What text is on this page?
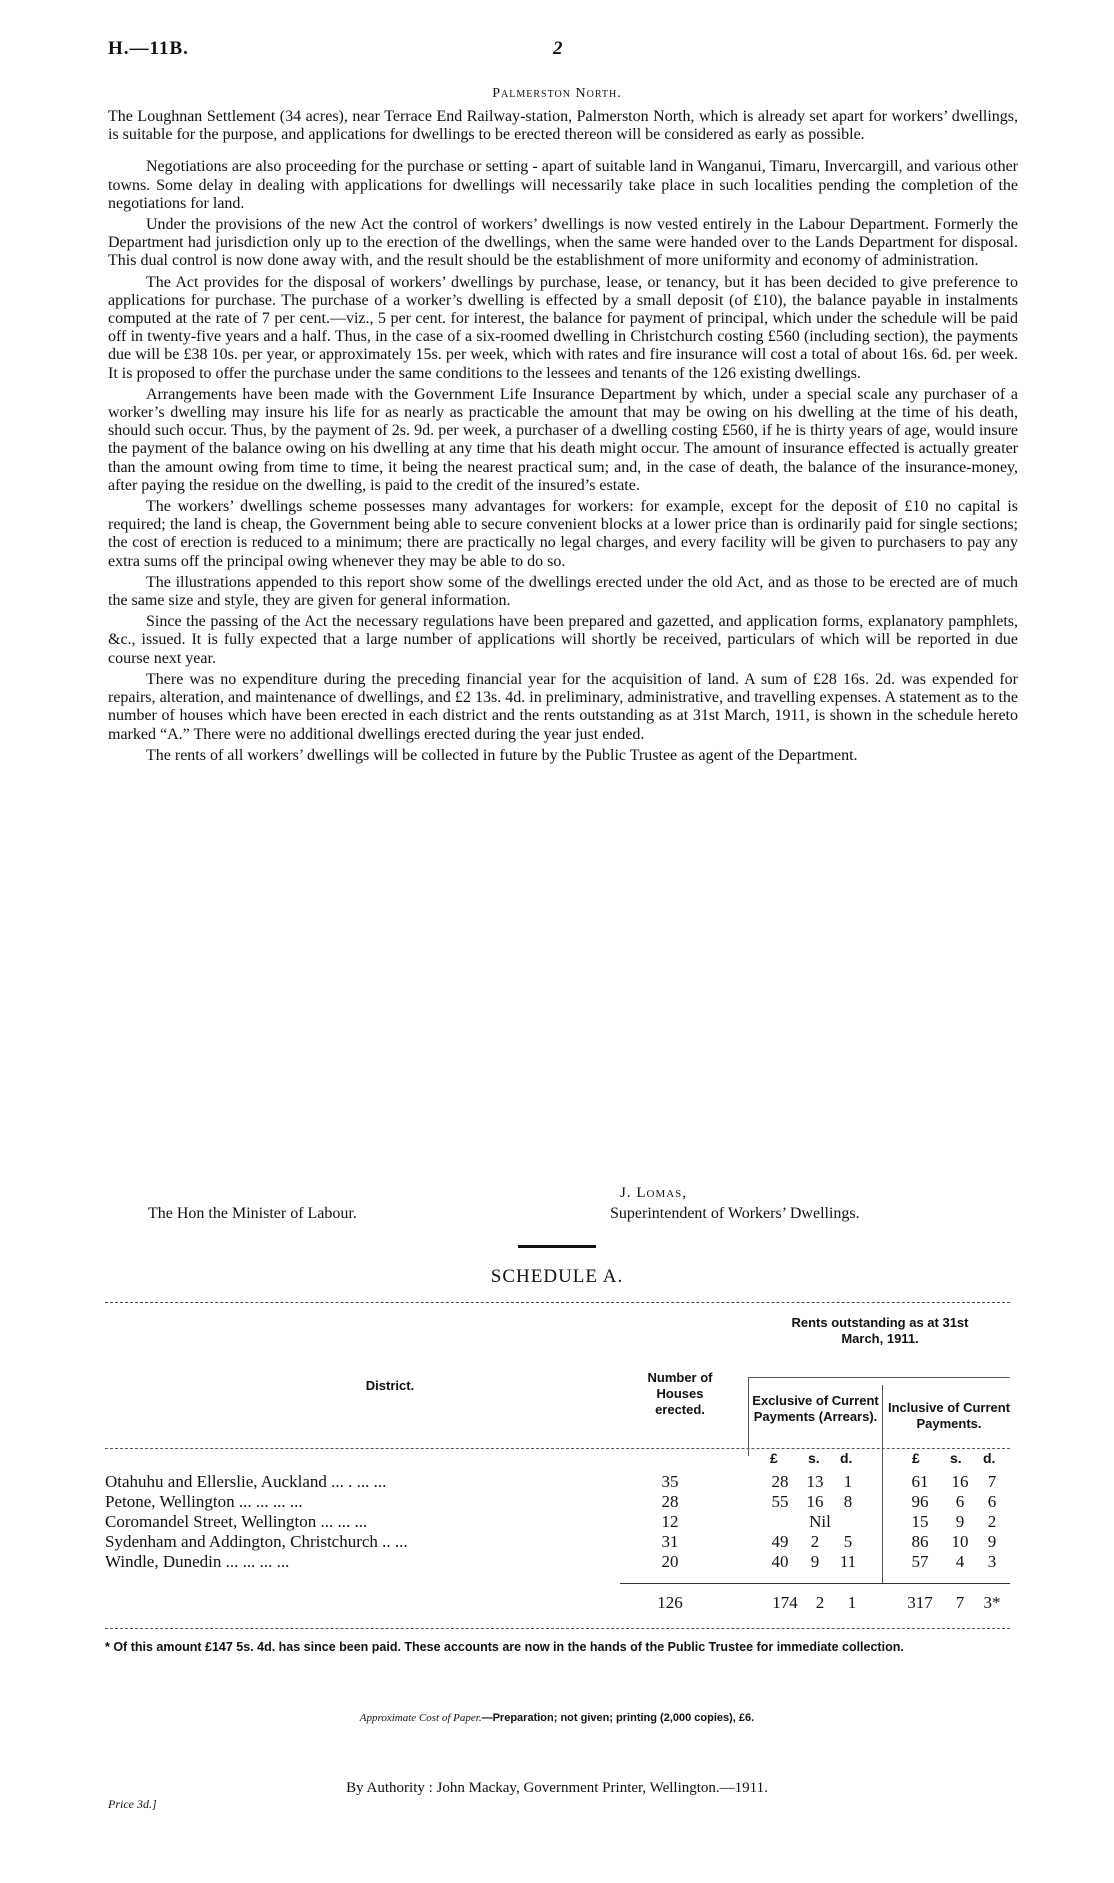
H.—11B.	2
Palmerston North.

The Loughnan Settlement (34 acres), near Terrace End Railway-station, Palmerston North, which is already set apart for workers’ dwellings, is suitable for the purpose, and applications for dwellings to be erected thereon will be considered as early as possible.

Negotiations are also proceeding for the purchase or setting - apart of suitable land in Wanganui, Timaru, Invercargill, and various other towns. Some delay in dealing with applications for dwellings will necessarily take place in such localities pending the completion of the negotiations for land.

Under the provisions of the new Act the control of workers’ dwellings is now vested entirely in the Labour Department. Formerly the Department had jurisdiction only up to the erection of the dwellings, when the same were handed over to the Lands Department for disposal. This dual control is now done away with, and the result should be the establishment of more uniformity and economy of administration.

The Act provides for the disposal of workers’ dwellings by purchase, lease, or tenancy, but it has been decided to give preference to applications for purchase. The purchase of a worker’s dwelling is effected by a small deposit (of £10), the balance payable in instalments computed at the rate of 7 per cent.—viz., 5 per cent. for interest, the balance for payment of principal, which under the schedule will be paid off in twenty-five years and a half. Thus, in the case of a six-roomed dwelling in Christchurch costing £560 (including section), the payments due will be £38 10s. per year, or approximately 15s. per week, which with rates and fire insurance will cost a total of about 16s. 6d. per week. It is proposed to offer the purchase under the same conditions to the lessees and tenants of the 126 existing dwellings.

Arrangements have been made with the Government Life Insurance Department by which, under a special scale any purchaser of a worker’s dwelling may insure his life for as nearly as practicable the amount that may be owing on his dwelling at the time of his death, should such occur. Thus, by the payment of 2s. 9d. per week, a purchaser of a dwelling costing £560, if he is thirty years of age, would insure the payment of the balance owing on his dwelling at any time that his death might occur. The amount of insurance effected is actually greater than the amount owing from time to time, it being the nearest practical sum; and, in the case of death, the balance of the insurance-money, after paying the residue on the dwelling, is paid to the credit of the insured’s estate.

The workers’ dwellings scheme possesses many advantages for workers: for example, except for the deposit of £10 no capital is required; the land is cheap, the Government being able to secure convenient blocks at a lower price than is ordinarily paid for single sections; the cost of erection is reduced to a minimum; there are practically no legal charges, and every facility will be given to purchasers to pay any extra sums off the principal owing whenever they may be able to do so.

The illustrations appended to this report show some of the dwellings erected under the old Act, and as those to be erected are of much the same size and style, they are given for general information.

Since the passing of the Act the necessary regulations have been prepared and gazetted, and application forms, explanatory pamphlets, &c., issued. It is fully expected that a large number of applications will shortly be received, particulars of which will be reported in due course next year.

There was no expenditure during the preceding financial year for the acquisition of land. A sum of £28 16s. 2d. was expended for repairs, alteration, and maintenance of dwellings, and £2 13s. 4d. in preliminary, administrative, and travelling expenses. A statement as to the number of houses which have been erected in each district and the rents outstanding as at 31st March, 1911, is shown in the schedule hereto marked “A.” There were no additional dwellings erected during the year just ended.

The rents of all workers’ dwellings will be collected in future by the Public Trustee as agent of the Department.

J. Lomas,
The Hon the Minister of Labour.	Superintendent of Workers’ Dwellings.
SCHEDULE A.
District.
Number of Houses erected.
Rents outstanding as at 31st March, 1911.
Exclusive of Current Payments (Arrears).
Inclusive of Current Payments.
£ s. d.	£ s. d.
Otahuhu and Ellerslie, Auckland ... . ... ...	35	28	13	1	61	16	7
Petone, Wellington ... ... ... ...	28	55	16	8	96	6	6
Coromandel Street, Wellington ... ... ...	12	Nil	15	9	2
Sydenham and Addington, Christchurch .. ...	31	49	2	5	86	10	9
Windle, Dunedin ... ... ... ...	20	40	9	11	57	4	3
126	174	2	1	317	7	3*
* Of this amount £147 5s. 4d. has since been paid. These accounts are now in the hands of the Public Trustee for immediate collection.
Approximate Cost of Paper.—Preparation; not given; printing (2,000 copies), £6.
By Authority : John Mackay, Government Printer, Wellington.—1911.
Price 3d.]
